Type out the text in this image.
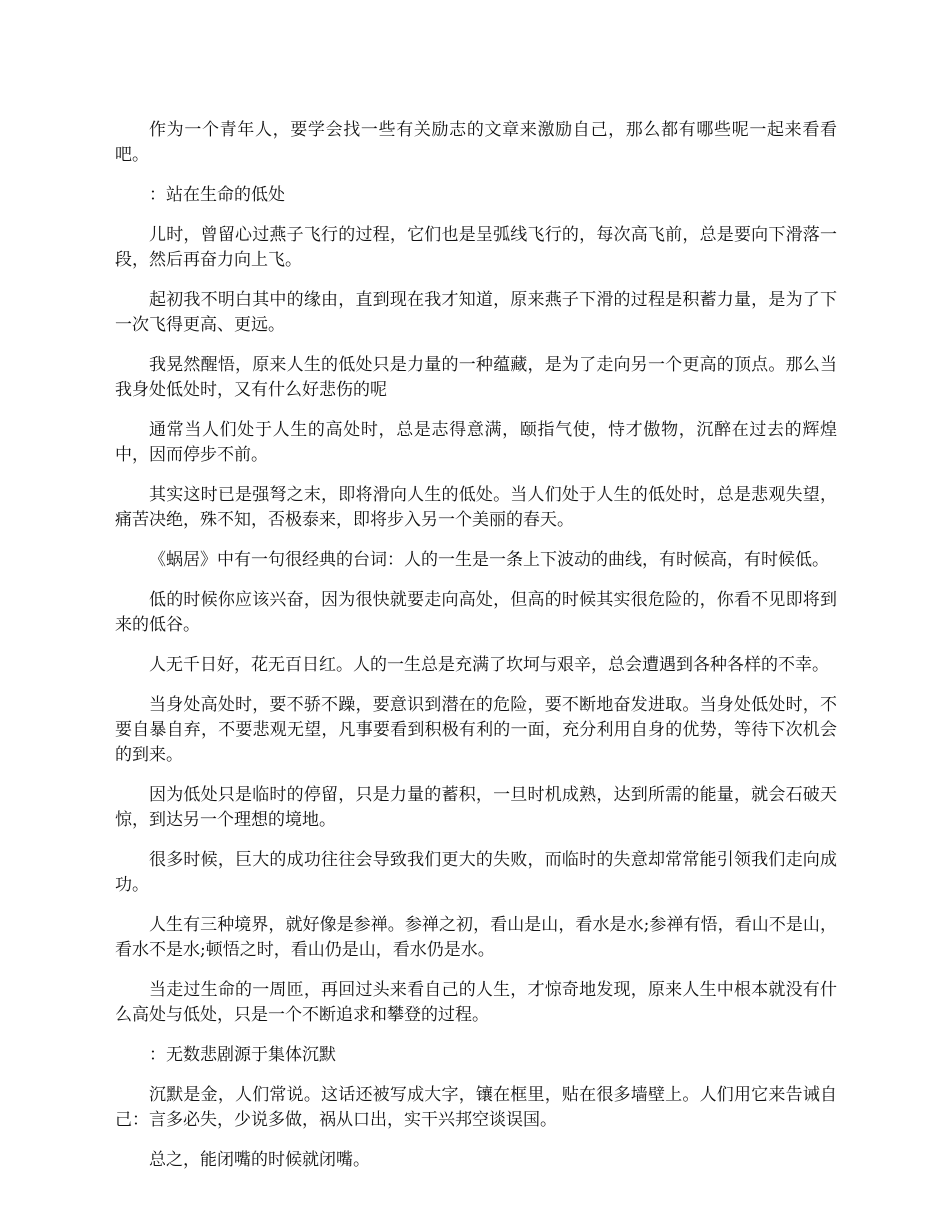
作为一个青年人，要学会找一些有关励志的文章来激励自己，那么都有哪些呢一起来看看吧。

：站在生命的低处

儿时，曾留心过燕子飞行的过程，它们也是呈弧线飞行的，每次高飞前，总是要向下滑落一段，然后再奋力向上飞。

起初我不明白其中的缘由，直到现在我才知道，原来燕子下滑的过程是积蓄力量，是为了下一次飞得更高、更远。

我晃然醒悟，原来人生的低处只是力量的一种蕴藏，是为了走向另一个更高的顶点。那么当我身处低处时，又有什么好悲伤的呢

通常当人们处于人生的高处时，总是志得意满，颐指气使，恃才傲物，沉醉在过去的辉煌中，因而停步不前。

其实这时已是强弩之末，即将滑向人生的低处。当人们处于人生的低处时，总是悲观失望，痛苦决绝，殊不知，否极泰来，即将步入另一个美丽的春天。

《蜗居》中有一句很经典的台词：人的一生是一条上下波动的曲线，有时候高，有时候低。

低的时候你应该兴奋，因为很快就要走向高处，但高的时候其实很危险的，你看不见即将到来的低谷。

人无千日好，花无百日红。人的一生总是充满了坎坷与艰辛，总会遭遇到各种各样的不幸。

当身处高处时，要不骄不躁，要意识到潜在的危险，要不断地奋发进取。当身处低处时，不要自暴自弃，不要悲观无望，凡事要看到积极有利的一面，充分利用自身的优势，等待下次机会的到来。

因为低处只是临时的停留，只是力量的蓄积，一旦时机成熟，达到所需的能量，就会石破天惊，到达另一个理想的境地。

很多时候，巨大的成功往往会导致我们更大的失败，而临时的失意却常常能引领我们走向成功。

人生有三种境界，就好像是参禅。参禅之初，看山是山，看水是水;参禅有悟，看山不是山，看水不是水;顿悟之时，看山仍是山，看水仍是水。

当走过生命的一周匝，再回过头来看自己的人生，才惊奇地发现，原来人生中根本就没有什么高处与低处，只是一个不断追求和攀登的过程。

：无数悲剧源于集体沉默

沉默是金，人们常说。这话还被写成大字，镶在框里，贴在很多墙壁上。人们用它来告诫自己：言多必失，少说多做，祸从口出，实干兴邦空谈误国。

总之，能闭嘴的时候就闭嘴。
